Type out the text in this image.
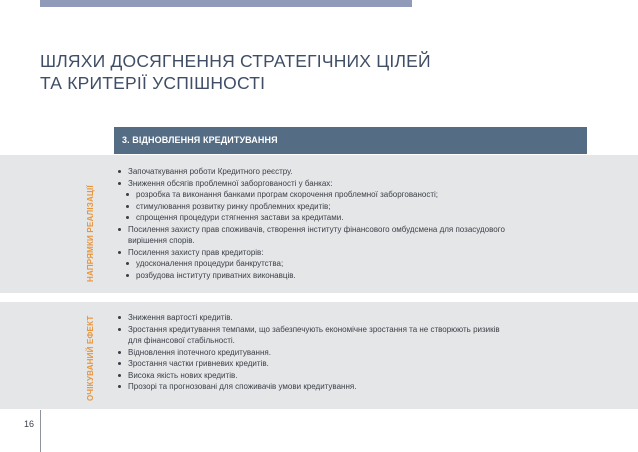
ШЛЯХИ ДОСЯГНЕННЯ СТРАТЕГІЧНИХ ЦІЛЕЙ
ТА КРИТЕРІЇ УСПІШНОСТІ
3. ВІДНОВЛЕННЯ КРЕДИТУВАННЯ
НАПРЯМКИ РЕАЛІЗАЦІЇ
Започаткування роботи Кредитного реєстру.
Зниження обсягів проблемної заборгованості у банках:
розробка та виконання банками програм скорочення проблемної заборгованості;
стимулювання розвитку ринку проблемних кредитів;
спрощення процедури стягнення застави за кредитами.
Посилення захисту прав споживачів, створення інституту фінансового омбудсмена для позасудового
вирішення спорів.
Посилення захисту прав кредиторів:
удосконалення процедури банкрутства;
розбудова інституту приватних виконавців.
ОЧІКУВАНИЙ ЕФЕКТ	Зниження вартості кредитів.
Зростання кредитування темпами, що забезпечують економічне зростання та не створюють ризиків
для фінансової стабільності.
Відновлення іпотечного кредитування.
Зростання частки гривневих кредитів.
Висока якість нових кредитів.
Прозорі та прогнозовані для споживачів умови кредитування.
16
